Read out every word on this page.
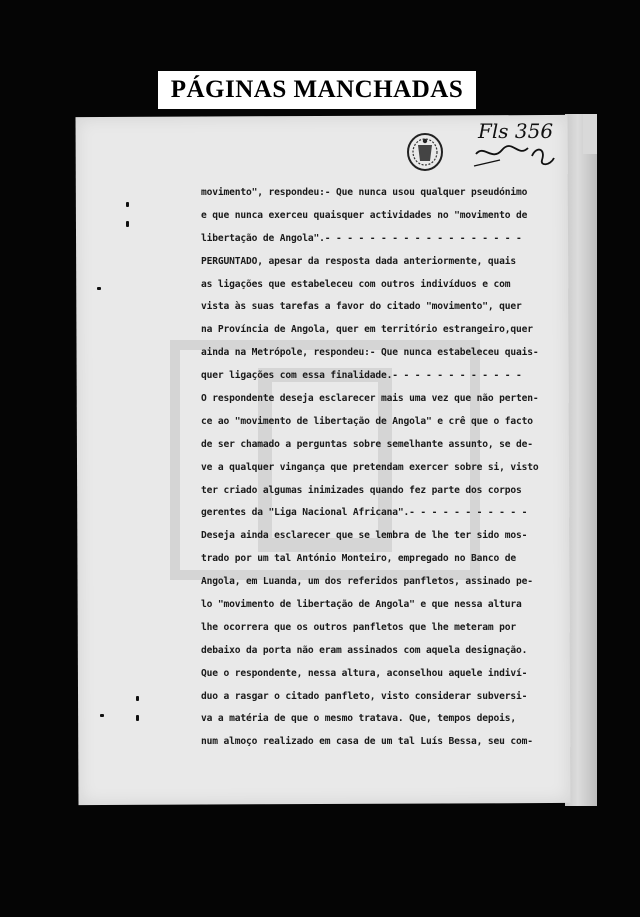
PÁGINAS MANCHADAS
Fls 356
movimento", respondeu:- Que nunca usou qualquer pseudónimo
e que nunca exerceu quaisquer actividades no "movimento de
libertação de Angola".- - - - - - - - - - - - - - - - - -
PERGUNTADO, apesar da resposta dada anteriormente, quais
as ligações que estabeleceu com outros indivíduos e com
vista às suas tarefas a favor do citado "movimento", quer
na Província de Angola, quer em território estrangeiro,quer
ainda na Metrópole, respondeu:- Que nunca estabeleceu quais-
quer ligações com essa finalidade.- - - - - - - - - - - -
O respondente deseja esclarecer mais uma vez que não perten-
ce ao "movimento de libertação de Angola" e crê que o facto
de ser chamado a perguntas sobre semelhante assunto, se de-
ve a qualquer vingança que pretendam exercer sobre si, visto
ter criado algumas inimizades quando fez parte dos corpos
gerentes da "Liga Nacional Africana".- - - - - - - - - - -
Deseja ainda esclarecer que se lembra de lhe ter sido mos-
trado por um tal António Monteiro, empregado no Banco de
Angola, em Luanda, um dos referidos panfletos, assinado pe-
lo "movimento de libertação de Angola" e que nessa altura
lhe ocorrera que os outros panfletos que lhe meteram por
debaixo da porta não eram assinados com aquela designação.
Que o respondente, nessa altura, aconselhou aquele indiví-
duo a rasgar o citado panfleto, visto considerar subversi-
va a matéria de que o mesmo tratava. Que, tempos depois,
num almoço realizado em casa de um tal Luís Bessa, seu com-
